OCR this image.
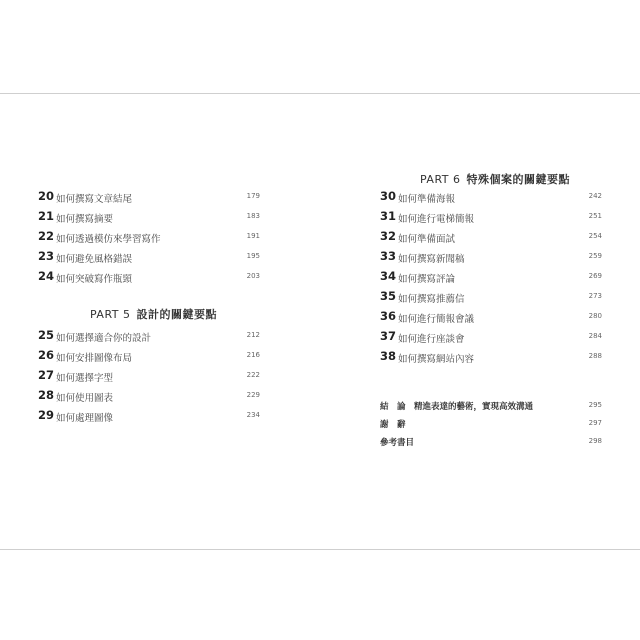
20 如何撰寫文章結尾	179
21 如何撰寫摘要	183
22 如何透過模仿來學習寫作	191
23 如何避免風格錯誤	195
24 如何突破寫作瓶頸	203
PART 5 設計的關鍵要點
25 如何選擇適合你的設計	212
26 如何安排圖像布局	216
27 如何選擇字型	222
28 如何使用圖表	229
29 如何處理圖像	234
PART 6 特殊個案的關鍵要點
30 如何準備海報	242
31 如何進行電梯簡報	251
32 如何準備面試	254
33 如何撰寫新聞稿	259
34 如何撰寫評論	269
35 如何撰寫推薦信	273
36 如何進行簡報會議	280
37 如何進行座談會	284
38 如何撰寫網站內容	288
結　論　精進表達的藝術，實現高效溝通	295
謝　辭	297
參考書目	298
